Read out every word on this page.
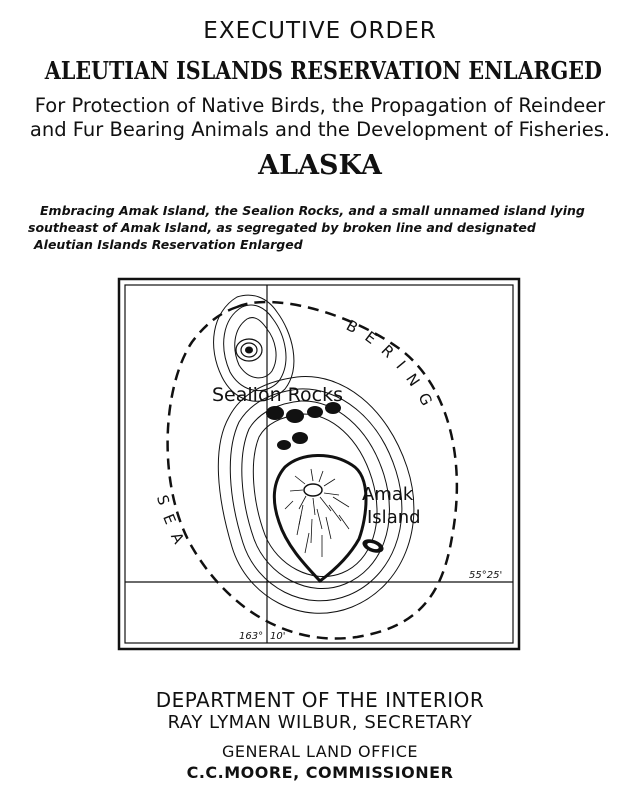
EXECUTIVE ORDER
ALEUTIAN ISLANDS RESERVATION ENLARGED
For Protection of Native Birds, the Propagation of Reindeer
and Fur Bearing Animals and the Development of Fisheries.
ALASKA
Embracing Amak Island, the Sealion Rocks, and a small unnamed island lying
southeast of Amak Island, as segregated by broken line and designated
Aleutian Islands Reservation Enlarged
Sealion Rocks
Amak
Island
BERING
SEA
55°25'
163° 10'
DEPARTMENT OF THE INTERIOR
RAY LYMAN WILBUR, SECRETARY
GENERAL LAND OFFICE
C.C.MOORE, COMMISSIONER
